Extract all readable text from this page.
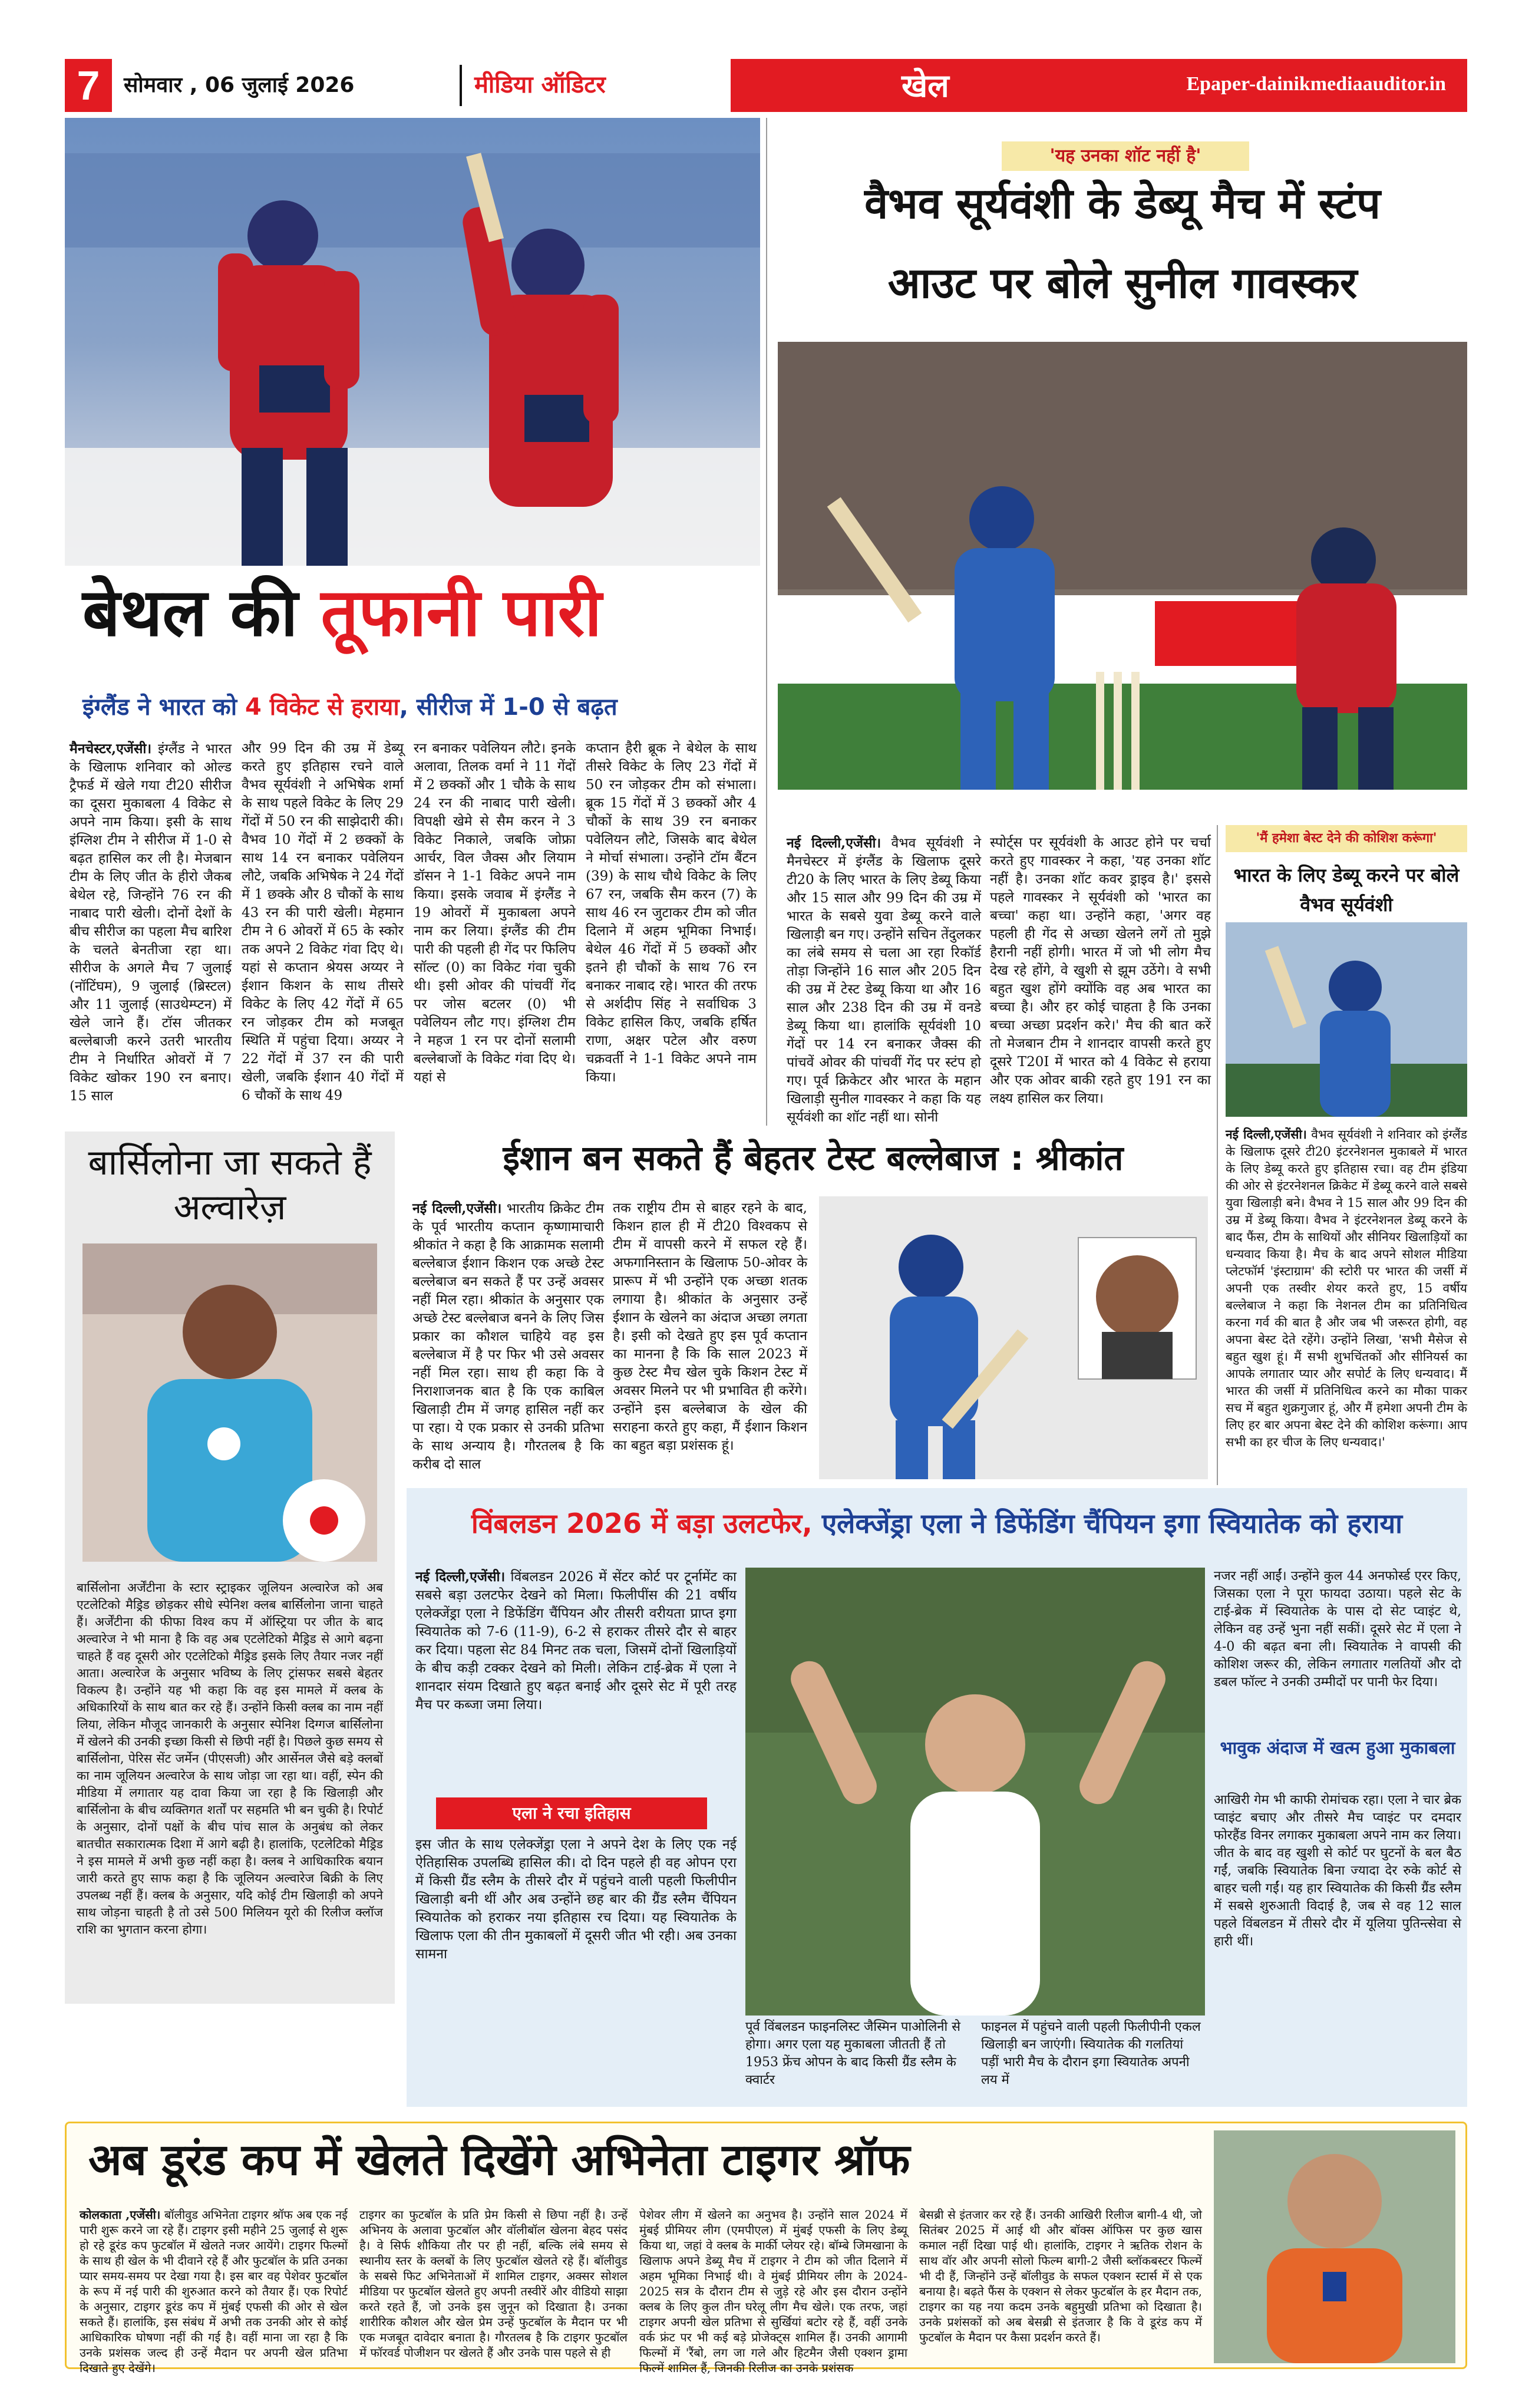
7	सोमवार , 06 जुलाई 2026	मीडिया ऑडिटर	खेल	Epaper-dainikmediaauditor.in
बेथल की तूफानी पारी
इंग्लैंड ने भारत को 4 विकेट से हराया, सीरीज में 1-0 से बढ़त
मैनचेस्टर,एजेंसी। इंग्लैंड ने भारत के खिलाफ शनिवार को ओल्ड ट्रैफर्ड में खेले गया टी20 सीरीज का दूसरा मुकाबला 4 विकेट से अपने नाम किया। इसी के साथ इंग्लिश टीम ने सीरीज में 1-0 से बढ़त हासिल कर ली है। मेजबान टीम के लिए जीत के हीरो जैकब बेथेल रहे, जिन्होंने 76 रन की नाबाद पारी खेली। दोनों देशों के बीच सीरीज का पहला मैच बारिश के चलते बेनतीजा रहा था। सीरीज के अगले मैच 7 जुलाई (नॉटिंघम), 9 जुलाई (ब्रिस्टल) और 11 जुलाई (साउथेम्प्टन) में खेले जाने हैं। टॉस जीतकर बल्लेबाजी करने उतरी भारतीय टीम ने निर्धारित ओवरों में 7 विकेट खोकर 190 रन बनाए। 15 साल
और 99 दिन की उम्र में डेब्यू करते हुए इतिहास रचने वाले वैभव सूर्यवंशी ने अभिषेक शर्मा के साथ पहले विकेट के लिए 29 गेंदों में 50 रन की साझेदारी की। वैभव 10 गेंदों में 2 छक्कों के साथ 14 रन बनाकर पवेलियन लौटे, जबकि अभिषेक ने 24 गेंदों में 1 छक्के और 8 चौकों के साथ 43 रन की पारी खेली। मेहमान टीम ने 6 ओवरों में 65 के स्कोर तक अपने 2 विकेट गंवा दिए थे। यहां से कप्तान श्रेयस अय्यर ने ईशान किशन के साथ तीसरे विकेट के लिए 42 गेंदों में 65 रन जोड़कर टीम को मजबूत स्थिति में पहुंचा दिया। अय्यर ने 22 गेंदों में 37 रन की पारी खेली, जबकि ईशान 40 गेंदों में 6 चौकों के साथ 49
रन बनाकर पवेलियन लौटे। इनके अलावा, तिलक वर्मा ने 11 गेंदों में 2 छक्कों और 1 चौके के साथ 24 रन की नाबाद पारी खेली। विपक्षी खेमे से सैम करन ने 3 विकेट निकाले, जबकि जोफ्रा आर्चर, विल जैक्स और लियाम डॉसन ने 1-1 विकेट अपने नाम किया। इसके जवाब में इंग्लैंड ने 19 ओवरों में मुकाबला अपने नाम कर लिया। इंग्लैंड की टीम पारी की पहली ही गेंद पर फिलिप सॉल्ट (0) का विकेट गंवा चुकी थी। इसी ओवर की पांचवीं गेंद पर जोस बटलर (0) भी पवेलियन लौट गए। इंग्लिश टीम ने महज 1 रन पर दोनों सलामी बल्लेबाजों के विकेट गंवा दिए थे। यहां से
कप्तान हैरी ब्रूक ने बेथेल के साथ तीसरे विकेट के लिए 23 गेंदों में 50 रन जोड़कर टीम को संभाला। ब्रूक 15 गेंदों में 3 छक्कों और 4 चौकों के साथ 39 रन बनाकर पवेलियन लौटे, जिसके बाद बेथेल ने मोर्चा संभाला। उन्होंने टॉम बैंटन (39) के साथ चौथे विकेट के लिए 67 रन, जबकि सैम करन (7) के साथ 46 रन जुटाकर टीम को जीत दिलाने में अहम भूमिका निभाई। बेथेल 46 गेंदों में 5 छक्कों और इतने ही चौकों के साथ 76 रन बनाकर नाबाद रहे। भारत की तरफ से अर्शदीप सिंह ने सर्वाधिक 3 विकेट हासिल किए, जबकि हर्षित राणा, अक्षर पटेल और वरुण चक्रवर्ती ने 1-1 विकेट अपने नाम किया।
'यह उनका शॉट नहीं है'
वैभव सूर्यवंशी के डेब्यू मैच में स्टंप
आउट पर बोले सुनील गावस्कर
नई दिल्ली,एजेंसी। वैभव सूर्यवंशी ने मैनचेस्टर में इंग्लैंड के खिलाफ दूसरे टी20 के लिए भारत के लिए डेब्यू किया और 15 साल और 99 दिन की उम्र में भारत के सबसे युवा डेब्यू करने वाले खिलाड़ी बन गए। उन्होंने सचिन तेंदुलकर का लंबे समय से चला आ रहा रिकॉर्ड तोड़ा जिन्होंने 16 साल और 205 दिन की उम्र में टेस्ट डेब्यू किया था और 16 साल और 238 दिन की उम्र में वनडे डेब्यू किया था। हालांकि सूर्यवंशी 10 गेंदों पर 14 रन बनाकर जैक्स की पांचवें ओवर की पांचवीं गेंद पर स्टंप हो गए। पूर्व क्रिकेटर और भारत के महान खिलाड़ी सुनील गावस्कर ने कहा कि यह सूर्यवंशी का शॉट नहीं था। सोनी
स्पोर्ट्स पर सूर्यवंशी के आउट होने पर चर्चा करते हुए गावस्कर ने कहा, 'यह उनका शॉट नहीं है। उनका शॉट कवर ड्राइव है।' इससे पहले गावस्कर ने सूर्यवंशी को 'भारत का बच्चा' कहा था। उन्होंने कहा, 'अगर वह पहली ही गेंद से अच्छा खेलने लगें तो मुझे हैरानी नहीं होगी। भारत में जो भी लोग मैच देख रहे होंगे, वे खुशी से झूम उठेंगे। वे सभी बहुत खुश होंगे क्योंकि वह अब भारत का बच्चा है। और हर कोई चाहता है कि उनका बच्चा अच्छा प्रदर्शन करे।' मैच की बात करें तो मेजबान टीम ने शानदार वापसी करते हुए दूसरे T20I में भारत को 4 विकेट से हराया और एक ओवर बाकी रहते हुए 191 रन का लक्ष्य हासिल कर लिया।
'मैं हमेशा बेस्ट देने की कोशिश करूंगा'
भारत के लिए डेब्यू करने पर बोले वैभव सूर्यवंशी
नई दिल्ली,एजेंसी। वैभव सूर्यवंशी ने शनिवार को इंग्लैंड के खिलाफ दूसरे टी20 इंटरनेशनल मुकाबले में भारत के लिए डेब्यू करते हुए इतिहास रचा। वह टीम इंडिया की ओर से इंटरनेशनल क्रिकेट में डेब्यू करने वाले सबसे युवा खिलाड़ी बने। वैभव ने 15 साल और 99 दिन की उम्र में डेब्यू किया। वैभव ने इंटरनेशनल डेब्यू करने के बाद फैंस, टीम के साथियों और सीनियर खिलाड़ियों का धन्यवाद किया है। मैच के बाद अपने सोशल मीडिया प्लेटफॉर्म 'इंस्टाग्राम' की स्टोरी पर भारत की जर्सी में अपनी एक तस्वीर शेयर करते हुए, 15 वर्षीय बल्लेबाज ने कहा कि नेशनल टीम का प्रतिनिधित्व करना गर्व की बात है और जब भी जरूरत होगी, वह अपना बेस्ट देते रहेंगे। उन्होंने लिखा, 'सभी मैसेज से बहुत खुश हूं। मैं सभी शुभचिंतकों और सीनियर्स का आपके लगातार प्यार और सपोर्ट के लिए धन्यवाद। मैं भारत की जर्सी में प्रतिनिधित्व करने का मौका पाकर सच में बहुत शुक्रगुजार हूं, और मैं हमेशा अपनी टीम के लिए हर बार अपना बेस्ट देने की कोशिश करूंगा। आप सभी का हर चीज के लिए धन्यवाद।'
बार्सिलोना जा सकते हैं अल्वारेज़
बार्सिलोना अर्जेंटीना के स्टार स्ट्राइकर जूलियन अल्वारेज को अब एटलेटिको मैड्रिड छोड़कर सीधे स्पेनिश क्लब बार्सिलोना जाना चाहते हैं। अर्जेंटीना की फीफा विश्व कप में ऑस्ट्रिया पर जीत के बाद अल्वारेज ने भी माना है कि वह अब एटलेटिको मैड्रिड से आगे बढ़ना चाहते हैं वह दूसरी ओर एटलेटिको मैड्रिड इसके लिए तैयार नजर नहीं आता। अल्वारेज के अनुसार भविष्य के लिए ट्रांसफर सबसे बेहतर विकल्प है। उन्होंने यह भी कहा कि वह इस मामले में क्लब के अधिकारियों के साथ बात कर रहे हैं। उन्होंने किसी क्लब का नाम नहीं लिया, लेकिन मौजूद जानकारी के अनुसार स्पेनिश दिग्गज बार्सिलोना में खेलने की उनकी इच्छा किसी से छिपी नहीं है। पिछले कुछ समय से बार्सिलोना, पेरिस सेंट जर्मेन (पीएसजी) और आर्सेनल जैसे बड़े क्लबों का नाम जूलियन अल्वारेज के साथ जोड़ा जा रहा था। वहीं, स्पेन की मीडिया में लगातार यह दावा किया जा रहा है कि खिलाड़ी और बार्सिलोना के बीच व्यक्तिगत शर्तों पर सहमति भी बन चुकी है। रिपोर्ट के अनुसार, दोनों पक्षों के बीच पांच साल के अनुबंध को लेकर बातचीत सकारात्मक दिशा में आगे बढ़ी है। हालांकि, एटलेटिको मैड्रिड ने इस मामले में अभी कुछ नहीं कहा है। क्लब ने आधिकारिक बयान जारी करते हुए साफ कहा है कि जूलियन अल्वारेज बिक्री के लिए उपलब्ध नहीं हैं। क्लब के अनुसार, यदि कोई टीम खिलाड़ी को अपने साथ जोड़ना चाहती है तो उसे 500 मिलियन यूरो की रिलीज क्लॉज राशि का भुगतान करना होगा।
ईशान बन सकते हैं बेहतर टेस्ट बल्लेबाज : श्रीकांत
नई दिल्ली,एजेंसी। भारतीय क्रिकेट टीम के पूर्व भारतीय कप्तान कृष्णामाचारी श्रीकांत ने कहा है कि आक्रामक सलामी बल्लेबाज ईशान किशन एक अच्छे टेस्ट बल्लेबाज बन सकते हैं पर उन्हें अवसर नहीं मिल रहा। श्रीकांत के अनुसार एक अच्छे टेस्ट बल्लेबाज बनने के लिए जिस प्रकार का कौशल चाहिये वह इस बल्लेबाज में है पर फिर भी उसे अवसर नहीं मिल रहा। साथ ही कहा कि वे निराशाजनक बात है कि एक काबिल खिलाड़ी टीम में जगह हासिल नहीं कर पा रहा। ये एक प्रकार से उनकी प्रतिभा के साथ अन्याय है। गौरतलब है कि करीब दो साल
तक राष्ट्रीय टीम से बाहर रहने के बाद, किशन हाल ही में टी20 विश्वकप से टीम में वापसी करने में सफल रहे हैं। अफगानिस्तान के खिलाफ 50-ओवर के प्रारूप में भी उन्होंने एक अच्छा शतक लगाया है। श्रीकांत के अनुसार उन्हें ईशान के खेलने का अंदाज अच्छा लगता है। इसी को देखते हुए इस पूर्व कप्तान का मानना है कि कि साल 2023 में कुछ टेस्ट मैच खेल चुके किशन टेस्ट में अवसर मिलने पर भी प्रभावित ही करेंगे। उन्होंने इस बल्लेबाज के खेल की सराहना करते हुए कहा, मैं ईशान किशन का बहुत बड़ा प्रशंसक हूं।
विंबलडन 2026 में बड़ा उलटफेर, एलेक्जेंड्रा एला ने डिफेंडिंग चैंपियन इगा स्वियातेक को हराया
नई दिल्ली,एजेंसी। विंबलडन 2026 में सेंटर कोर्ट पर टूर्नामेंट का सबसे बड़ा उलटफेर देखने को मिला। फिलीपींस की 21 वर्षीय एलेक्जेंड्रा एला ने डिफेंडिंग चैंपियन और तीसरी वरीयता प्राप्त इगा स्वियातेक को 7-6 (11-9), 6-2 से हराकर तीसरे दौर से बाहर कर दिया। पहला सेट 84 मिनट तक चला, जिसमें दोनों खिलाड़ियों के बीच कड़ी टक्कर देखने को मिली। लेकिन टाई-ब्रेक में एला ने शानदार संयम दिखाते हुए बढ़त बनाई और दूसरे सेट में पूरी तरह मैच पर कब्जा जमा लिया।
एला ने रचा इतिहास
इस जीत के साथ एलेक्जेंड्रा एला ने अपने देश के लिए एक नई ऐतिहासिक उपलब्धि हासिल की। दो दिन पहले ही वह ओपन एरा में किसी ग्रैंड स्लैम के तीसरे दौर में पहुंचने वाली पहली फिलीपीन खिलाड़ी बनी थीं और अब उन्होंने छह बार की ग्रैंड स्लैम चैंपियन स्वियातेक को हराकर नया इतिहास रच दिया। यह स्वियातेक के खिलाफ एला की तीन मुकाबलों में दूसरी जीत भी रही। अब उनका सामना
पूर्व विंबलडन फाइनलिस्ट जैस्मिन पाओलिनी से होगा। अगर एला यह मुकाबला जीतती हैं तो 1953 फ्रेंच ओपन के बाद किसी ग्रैंड स्लैम के क्वार्टर
फाइनल में पहुंचने वाली पहली फिलीपीनी एकल खिलाड़ी बन जाएंगी। स्वियातेक की गलतियां पड़ीं भारी मैच के दौरान इगा स्वियातेक अपनी लय में
नजर नहीं आईं। उन्होंने कुल 44 अनफोर्स्ड एरर किए, जिसका एला ने पूरा फायदा उठाया। पहले सेट के टाई-ब्रेक में स्वियातेक के पास दो सेट प्वाइंट थे, लेकिन वह उन्हें भुना नहीं सकीं। दूसरे सेट में एला ने 4-0 की बढ़त बना ली। स्वियातेक ने वापसी की कोशिश जरूर की, लेकिन लगातार गलतियों और दो डबल फॉल्ट ने उनकी उम्मीदों पर पानी फेर दिया।
भावुक अंदाज में खत्म हुआ मुकाबला
आखिरी गेम भी काफी रोमांचक रहा। एला ने चार ब्रेक प्वाइंट बचाए और तीसरे मैच प्वाइंट पर दमदार फोरहैंड विनर लगाकर मुकाबला अपने नाम कर लिया। जीत के बाद वह खुशी से कोर्ट पर घुटनों के बल बैठ गईं, जबकि स्वियातेक बिना ज्यादा देर रुके कोर्ट से बाहर चली गईं। यह हार स्वियातेक की किसी ग्रैंड स्लैम में सबसे शुरुआती विदाई है, जब से वह 12 साल पहले विंबलडन में तीसरे दौर में यूलिया पुतिन्त्सेवा से हारी थीं।
अब डूरंड कप में खेलते दिखेंगे अभिनेता टाइगर श्रॉफ
कोलकाता ,एजेंसी। बॉलीवुड अभिनेता टाइगर श्रॉफ अब एक नई पारी शुरू करने जा रहे हैं। टाइगर इसी महीने 25 जुलाई से शुरू हो रहे डूरंड कप फुटबॉल में खेलते नजर आयेंगे। टाइगर फिल्मों के साथ ही खेल के भी दीवाने रहे हैं और फुटबॉल के प्रति उनका प्यार समय-समय पर देखा गया है। इस बार वह पेशेवर फुटबॉल के रूप में नई पारी की शुरुआत करने को तैयार हैं। एक रिपोर्ट के अनुसार, टाइगर डूरंड कप में मुंबई एफसी की ओर से खेल सकते हैं। हालांकि, इस संबंध में अभी तक उनकी ओर से कोई आधिकारिक घोषणा नहीं की गई है। वहीं माना जा रहा है कि उनके प्रशंसक जल्द ही उन्हें मैदान पर अपनी खेल प्रतिभा दिखाते हुए देखेंगे।
टाइगर का फुटबॉल के प्रति प्रेम किसी से छिपा नहीं है। उन्हें अभिनय के अलावा फुटबॉल और वॉलीबॉल खेलना बेहद पसंद है। वे सिर्फ शौकिया तौर पर ही नहीं, बल्कि लंबे समय से स्थानीय स्तर के क्लबों के लिए फुटबॉल खेलते रहे हैं। बॉलीवुड के सबसे फिट अभिनेताओं में शामिल टाइगर, अक्सर सोशल मीडिया पर फुटबॉल खेलते हुए अपनी तस्वीरें और वीडियो साझा करते रहते हैं, जो उनके इस जुनून को दिखाता है। उनका शारीरिक कौशल और खेल प्रेम उन्हें फुटबॉल के मैदान पर भी एक मजबूत दावेदार बनाता है। गौरतलब है कि टाइगर फुटबॉल में फॉरवर्ड पोजीशन पर खेलते हैं और उनके पास पहले से ही
पेशेवर लीग में खेलने का अनुभव है। उन्होंने साल 2024 में मुंबई प्रीमियर लीग (एमपीएल) में मुंबई एफसी के लिए डेब्यू किया था, जहां वे क्लब के मार्की प्लेयर रहे। बॉम्बे जिमखाना के खिलाफ अपने डेब्यू मैच में टाइगर ने टीम को जीत दिलाने में अहम भूमिका निभाई थी। वे मुंबई प्रीमियर लीग के 2024-2025 सत्र के दौरान टीम से जुड़े रहे और इस दौरान उन्होंने क्लब के लिए कुल तीन घरेलू लीग मैच खेले। एक तरफ, जहां टाइगर अपनी खेल प्रतिभा से सुर्खियां बटोर रहे हैं, वहीं उनके वर्क फ्रंट पर भी कई बड़े प्रोजेक्ट्स शामिल हैं। उनकी आगामी फिल्मों में 'रैंबो, लग जा गले और हिटमैन जैसी एक्शन ड्रामा फिल्में शामिल हैं, जिनकी रिलीज का उनके प्रशंसक
बेसब्री से इंतजार कर रहे हैं। उनकी आखिरी रिलीज बागी-4 थी, जो सितंबर 2025 में आई थी और बॉक्स ऑफिस पर कुछ खास कमाल नहीं दिखा पाई थी। हालांकि, टाइगर ने ऋतिक रोशन के साथ वॉर और अपनी सोलो फिल्म बागी-2 जैसी ब्लॉकबस्टर फिल्में भी दी हैं, जिन्होंने उन्हें बॉलीवुड के सफल एक्शन स्टार्स में से एक बनाया है। बढ़ते फैंस के एक्शन से लेकर फुटबॉल के हर मैदान तक, टाइगर का यह नया कदम उनके बहुमुखी प्रतिभा को दिखाता है। उनके प्रशंसकों को अब बेसब्री से इंतजार है कि वे डूरंड कप में फुटबॉल के मैदान पर कैसा प्रदर्शन करते हैं।
